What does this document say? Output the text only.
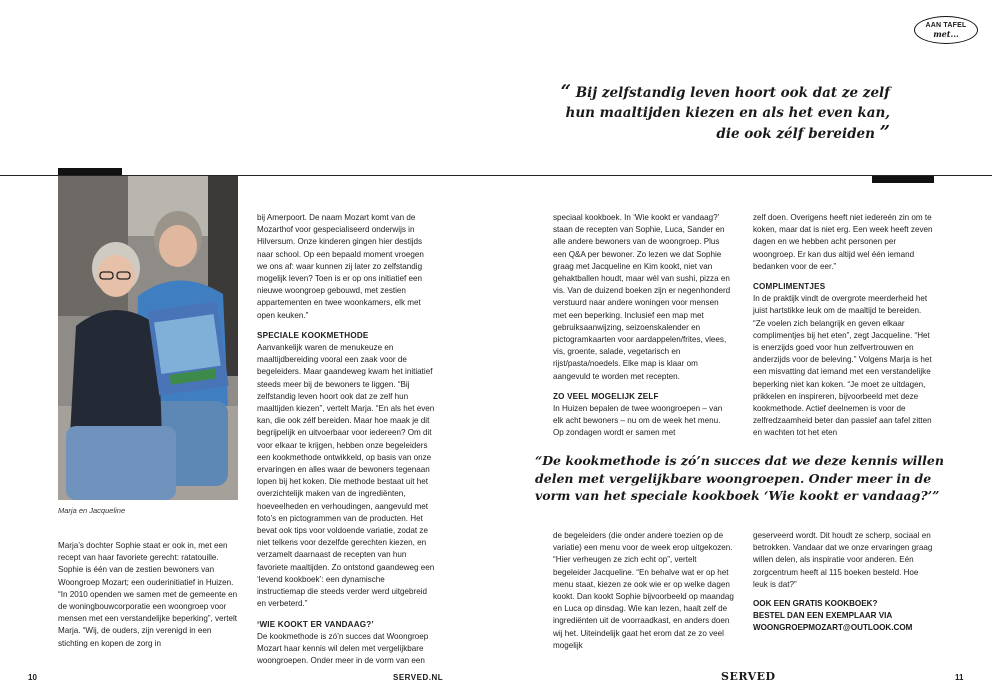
AAN TAFEL
met...
“ Bij zelfstandig leven hoort ook dat ze zelf
hun maaltijden kiezen en als het even kan,
die ook zélf bereiden ”
Marja en Jacqueline

Marja’s dochter Sophie staat er ook in, met een recept van haar favoriete gerecht: ratatouille. Sophie is één van de zestien bewoners van Woongroep Mozart; een ouderinitiatief in Huizen. “In 2010 openden we samen met de gemeente en de woningbouwcorporatie een woongroep voor mensen met een verstandelijke beperking”, vertelt Marja. “Wij, de ouders, zijn verenigd in een stichting en kopen de zorg in

bij Amerpoort. De naam Mozart komt van de Mozarthof voor gespecialiseerd onderwijs in Hilversum. Onze kinderen gingen hier destijds naar school. Op een bepaald moment vroegen we ons af: waar kunnen zij later zo zelfstandig mogelijk leven? Toen is er op ons initiatief een nieuwe woongroep gebouwd, met zestien appartementen en twee woonkamers, elk met open keuken.”

SPECIALE KOOKMETHODE

Aanvankelijk waren de menukeuze en maaltijdbereiding vooral een zaak voor de begeleiders. Maar gaandeweg kwam het initiatief steeds meer bij de bewoners te liggen. “Bij zelfstandig leven hoort ook dat ze zelf hun maaltijden kiezen”, vertelt Marja. “En als het even kan, die ook zélf bereiden. Maar hoe maak je dit begrijpelijk en uitvoerbaar voor iedereen? Om dit voor elkaar te krijgen, hebben onze begeleiders een kookmethode ontwikkeld, op basis van onze ervaringen en alles waar de bewoners tegenaan lopen bij het koken. Die methode bestaat uit het overzichtelijk maken van de ingrediënten, hoeveelheden en verhoudingen, aangevuld met foto’s en pictogrammen van de producten. Het bevat ook tips voor voldoende variatie, zodat ze niet telkens voor dezelfde gerechten kiezen, en verzamelt daarnaast de recepten van hun favoriete maaltijden. Zo ontstond gaandeweg een ‘levend kookboek’: een dynamische instructiemap die steeds verder werd uitgebreid en verbeterd.”

‘WIE KOOKT ER VANDAAG?’

De kookmethode is zó’n succes dat Woongroep Mozart haar kennis wil delen met vergelijkbare woongroepen. Onder meer in de vorm van een

speciaal kookboek. In ‘Wie kookt er vandaag?’ staan de recepten van Sophie, Luca, Sander en alle andere bewoners van de woongroep. Plus een Q&A per bewoner. Zo lezen we dat Sophie graag met Jacqueline en Kim kookt, niet van gehaktballen houdt, maar wél van sushi, pizza en vis. Van de duizend boeken zijn er negenhonderd verstuurd naar andere woningen voor mensen met een beperking. Inclusief een map met gebruiksaanwijzing, seizoenskalender en pictogramkaarten voor aardappelen/frites, vlees, vis, groente, salade, vegetarisch en rijst/pasta/noedels. Elke map is klaar om aangevuld te worden met recepten.

ZO VEEL MOGELIJK ZELF

In Huizen bepalen de twee woongroepen – van elk acht bewoners – nu om de week het menu. Op zondagen wordt er samen met

zelf doen. Overigens heeft niet iedereén zin om te koken, maar dat is niet erg. Een week heeft zeven dagen en we hebben acht personen per woongroep. Er kan dus altijd wel één iemand bedanken voor de eer.”

COMPLIMENTJES

In de praktijk vindt de overgrote meerderheid het juist hartstikke leuk om de maaltijd te bereiden. “Ze voelen zich belangrijk en geven elkaar complimentjes bij het eten”, zegt Jacqueline. “Het is enerzijds goed voor hun zelfvertrouwen en anderzijds voor de beleving.” Volgens Marja is het een misvatting dat iemand met een verstandelijke beperking niet kan koken. “Je moet ze uitdagen, prikkelen en inspireren, bijvoorbeeld met deze kookmethode. Actief deelnemen is voor de zelfredzaamheid beter dan passief aan tafel zitten en wachten tot het eten

“De kookmethode is zó’n succes dat we deze kennis willen delen met vergelijkbare woongroepen. Onder meer in de vorm van het speciale kookboek ‘Wie kookt er vandaag?’”

de begeleiders (die onder andere toezien op de variatie) een menu voor de week erop uitgekozen. “Hier verheugen ze zich echt op”, vertelt begeleider Jacqueline. “En behalve wat er op het menu staat, kiezen ze ook wie er op welke dagen kookt. Dan kookt Sophie bijvoorbeeld op maandag en Luca op dinsdag. Wie kan lezen, haalt zelf de ingrediënten uit de voorraadkast, en anders doen wij het. Uiteindelijk gaat het erom dat ze zo veel mogelijk

geserveerd wordt. Dit houdt ze scherp, sociaal en betrokken. Vandaar dat we onze ervaringen graag willen delen, als inspiratie voor anderen. Eén zorgcentrum heeft al 115 boeken besteld. Hoe leuk is dat?”

OOK EEN GRATIS KOOKBOEK?
BESTEL DAN EEN EXEMPLAAR VIA
WOONGROEPMOZART@OUTLOOK.COM
10	SERVED.NL	SERVED	11
